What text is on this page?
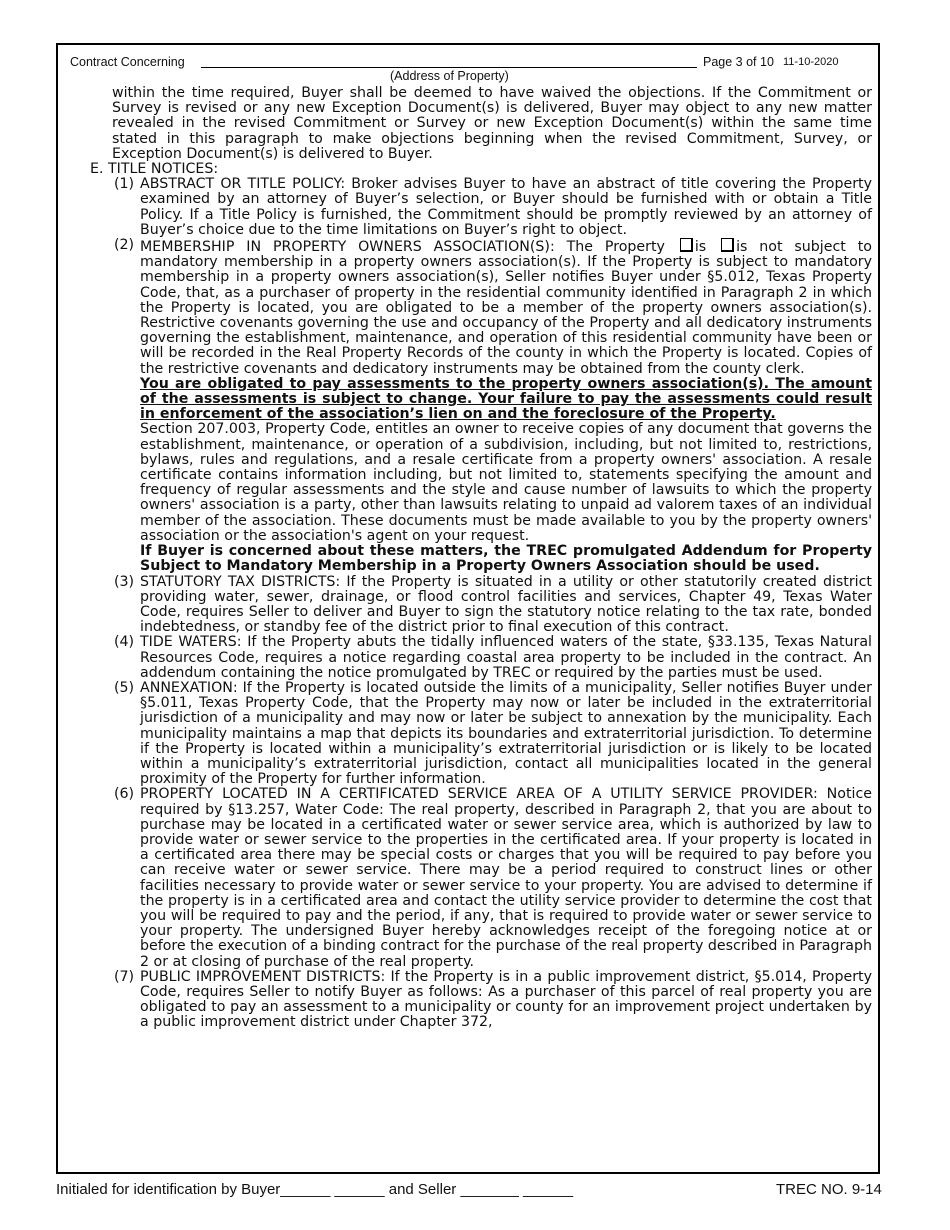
Contract Concerning	Page 3 of 10 11-10-2020
(Address of Property)

within the time required, Buyer shall be deemed to have waived the objections. If the Commitment or Survey is revised or any new Exception Document(s) is delivered, Buyer may object to any new matter revealed in the revised Commitment or Survey or new Exception Document(s) within the same time stated in this paragraph to make objections beginning when the revised Commitment, Survey, or Exception Document(s) is delivered to Buyer.

E. TITLE NOTICES:

(1) ABSTRACT OR TITLE POLICY: Broker advises Buyer to have an abstract of title covering the Property examined by an attorney of Buyer’s selection, or Buyer should be furnished with or obtain a Title Policy. If a Title Policy is furnished, the Commitment should be promptly reviewed by an attorney of Buyer’s choice due to the time limitations on Buyer’s right to object.

(2) MEMBERSHIP IN PROPERTY OWNERS ASSOCIATION(S): The Property is is not subject to mandatory membership in a property owners association(s). If the Property is subject to mandatory membership in a property owners association(s), Seller notifies Buyer under §5.012, Texas Property Code, that, as a purchaser of property in the residential community identified in Paragraph 2 in which the Property is located, you are obligated to be a member of the property owners association(s). Restrictive covenants governing the use and occupancy of the Property and all dedicatory instruments governing the establishment, maintenance, and operation of this residential community have been or will be recorded in the Real Property Records of the county in which the Property is located. Copies of the restrictive covenants and dedicatory instruments may be obtained from the county clerk.

You are obligated to pay assessments to the property owners association(s). The amount of the assessments is subject to change. Your failure to pay the assessments could result in enforcement of the association’s lien on and the foreclosure of the Property.

Section 207.003, Property Code, entitles an owner to receive copies of any document that governs the establishment, maintenance, or operation of a subdivision, including, but not limited to, restrictions, bylaws, rules and regulations, and a resale certificate from a property owners' association. A resale certificate contains information including, but not limited to, statements specifying the amount and frequency of regular assessments and the style and cause number of lawsuits to which the property owners' association is a party, other than lawsuits relating to unpaid ad valorem taxes of an individual member of the association. These documents must be made available to you by the property owners' association or the association's agent on your request.

If Buyer is concerned about these matters, the TREC promulgated Addendum for Property Subject to Mandatory Membership in a Property Owners Association should be used.

(3) STATUTORY TAX DISTRICTS: If the Property is situated in a utility or other statutorily created district providing water, sewer, drainage, or flood control facilities and services, Chapter 49, Texas Water Code, requires Seller to deliver and Buyer to sign the statutory notice relating to the tax rate, bonded indebtedness, or standby fee of the district prior to final execution of this contract.

(4) TIDE WATERS: If the Property abuts the tidally influenced waters of the state, §33.135, Texas Natural Resources Code, requires a notice regarding coastal area property to be included in the contract. An addendum containing the notice promulgated by TREC or required by the parties must be used.

(5) ANNEXATION: If the Property is located outside the limits of a municipality, Seller notifies Buyer under §5.011, Texas Property Code, that the Property may now or later be included in the extraterritorial jurisdiction of a municipality and may now or later be subject to annexation by the municipality. Each municipality maintains a map that depicts its boundaries and extraterritorial jurisdiction. To determine if the Property is located within a municipality’s extraterritorial jurisdiction or is likely to be located within a municipality’s extraterritorial jurisdiction, contact all municipalities located in the general proximity of the Property for further information.

(6) PROPERTY LOCATED IN A CERTIFICATED SERVICE AREA OF A UTILITY SERVICE PROVIDER: Notice required by §13.257, Water Code: The real property, described in Paragraph 2, that you are about to purchase may be located in a certificated water or sewer service area, which is authorized by law to provide water or sewer service to the properties in the certificated area. If your property is located in a certificated area there may be special costs or charges that you will be required to pay before you can receive water or sewer service. There may be a period required to construct lines or other facilities necessary to provide water or sewer service to your property. You are advised to determine if the property is in a certificated area and contact the utility service provider to determine the cost that you will be required to pay and the period, if any, that is required to provide water or sewer service to your property. The undersigned Buyer hereby acknowledges receipt of the foregoing notice at or before the execution of a binding contract for the purchase of the real property described in Paragraph 2 or at closing of purchase of the real property.

(7) PUBLIC IMPROVEMENT DISTRICTS: If the Property is in a public improvement district, §5.014, Property Code, requires Seller to notify Buyer as follows: As a purchaser of this parcel of real property you are obligated to pay an assessment to a municipality or county for an improvement project undertaken by a public improvement district under Chapter 372,

Initialed for identification by Buyer______ ______ and Seller _______ ______	TREC NO. 9-14
